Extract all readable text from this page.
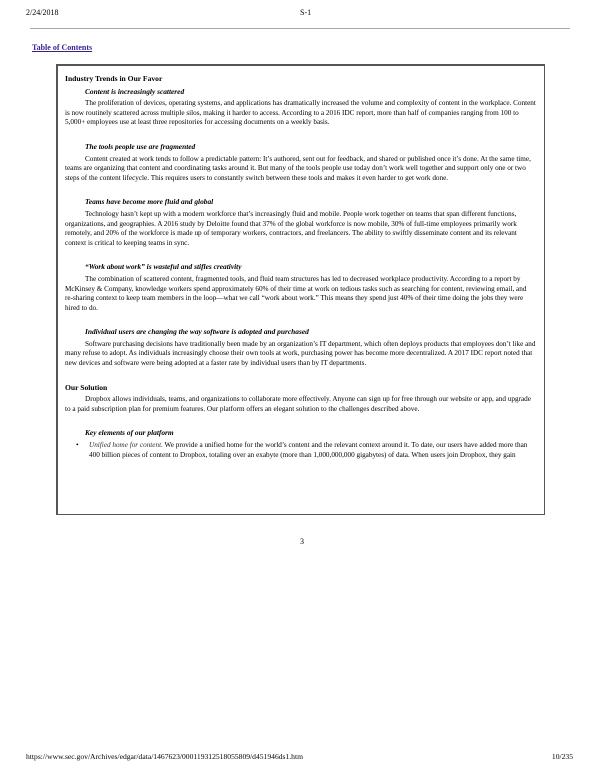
2/24/2018	S-1
Table of Contents
Industry Trends in Our Favor
Content is increasingly scattered

The proliferation of devices, operating systems, and applications has dramatically increased the volume and complexity of content in the workplace. Content is now routinely scattered across multiple silos, making it harder to access. According to a 2016 IDC report, more than half of companies ranging from 100 to 5,000+ employees use at least three repositories for accessing documents on a weekly basis.

The tools people use are fragmented

Content created at work tends to follow a predictable pattern: It’s authored, sent out for feedback, and shared or published once it’s done. At the same time, teams are organizing that content and coordinating tasks around it. But many of the tools people use today don’t work well together and support only one or two steps of the content lifecycle. This requires users to constantly switch between these tools and makes it even harder to get work done.

Teams have become more fluid and global

Technology hasn’t kept up with a modern workforce that’s increasingly fluid and mobile. People work together on teams that span different functions, organizations, and geographies. A 2016 study by Deloitte found that 37% of the global workforce is now mobile, 30% of full-time employees primarily work remotely, and 20% of the workforce is made up of temporary workers, contractors, and freelancers. The ability to swiftly disseminate content and its relevant context is critical to keeping teams in sync.

“Work about work” is wasteful and stifles creativity

The combination of scattered content, fragmented tools, and fluid team structures has led to decreased workplace productivity. According to a report by McKinsey & Company, knowledge workers spend approximately 60% of their time at work on tedious tasks such as searching for content, reviewing email, and re-sharing context to keep team members in the loop—what we call “work about work.” This means they spend just 40% of their time doing the jobs they were hired to do.

Individual users are changing the way software is adopted and purchased

Software purchasing decisions have traditionally been made by an organization’s IT department, which often deploys products that employees don’t like and many refuse to adopt. As individuals increasingly choose their own tools at work, purchasing power has become more decentralized. A 2017 IDC report noted that new devices and software were being adopted at a faster rate by individual users than by IT departments.

Our Solution

Dropbox allows individuals, teams, and organizations to collaborate more effectively. Anyone can sign up for free through our website or app, and upgrade to a paid subscription plan for premium features. Our platform offers an elegant solution to the challenges described above.

Key elements of our platform
• Unified home for content. We provide a unified home for the world’s content and the relevant context around it. To date, our users have added more than 400 billion pieces of content to Dropbox, totaling over an exabyte (more than 1,000,000,000 gigabytes) of data. When users join Dropbox, they gain
3
https://www.sec.gov/Archives/edgar/data/1467623/000119312518055809/d451946ds1.htm	10/235
